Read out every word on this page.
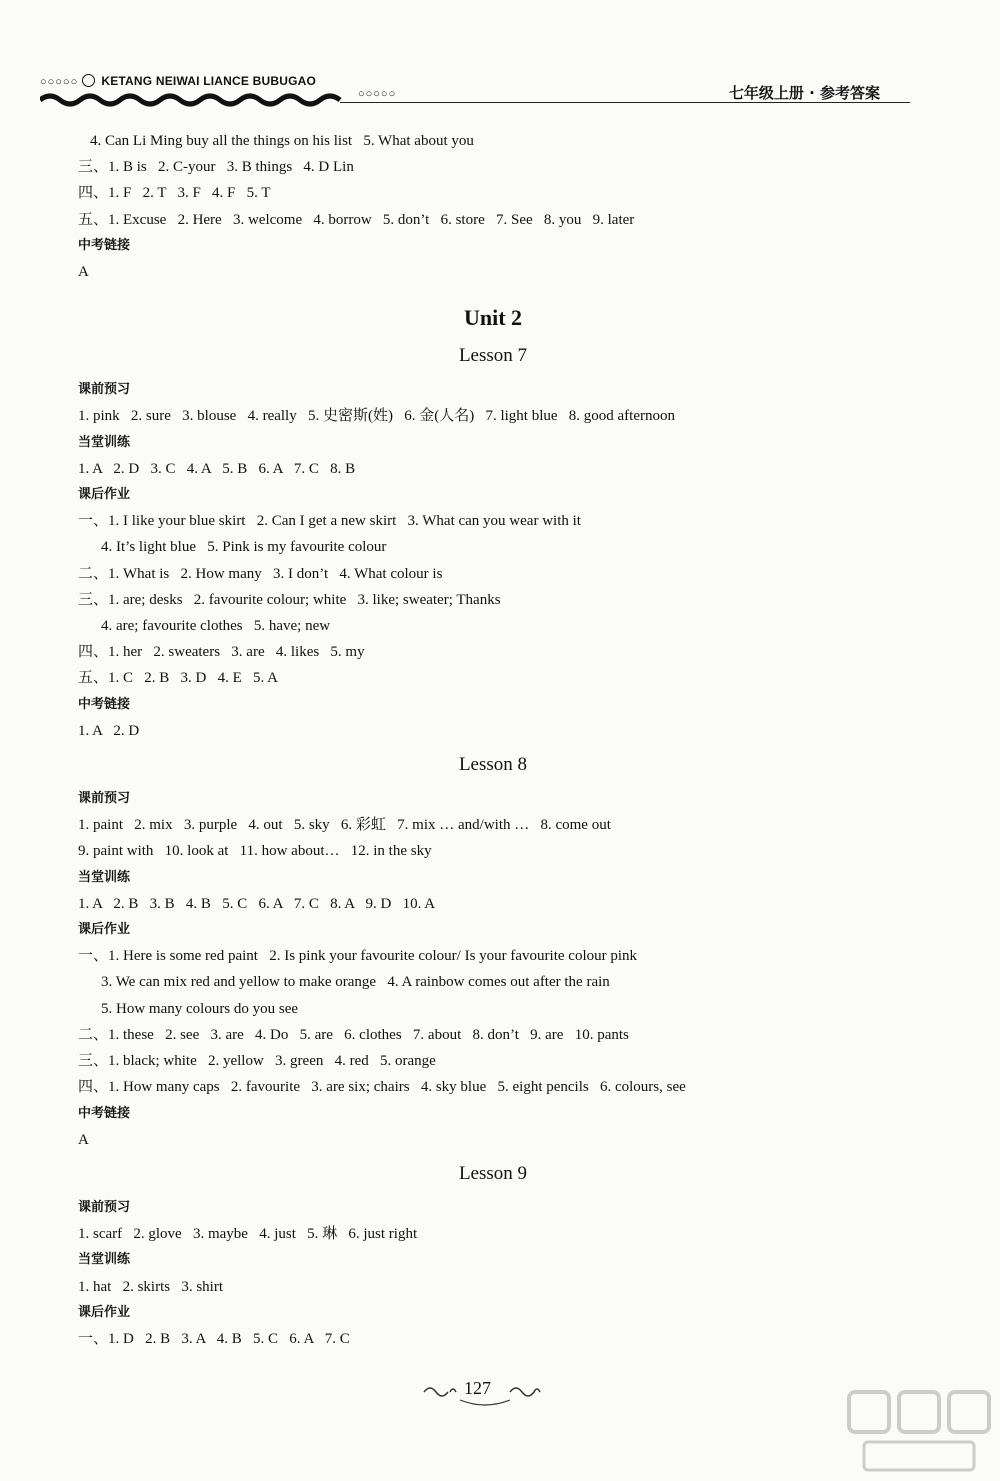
○○○○○ KETANG NEIWAI LIANCE BUBUGAO
○○○○○	七年级上册 · 参考答案
4. Can Li Ming buy all the things on his list   5. What about you
三、1. B is   2. C-your   3. B things   4. D Lin
四、1. F   2. T   3. F   4. F   5. T
五、1. Excuse   2. Here   3. welcome   4. borrow   5. don’t   6. store   7. See   8. you   9. later
中考链接
A
Unit 2
Lesson 7
课前预习
1. pink   2. sure   3. blouse   4. really   5. 史密斯(姓)   6. 金(人名)   7. light blue   8. good afternoon
当堂训练
1. A   2. D   3. C   4. A   5. B   6. A   7. C   8. B
课后作业
一、1. I like your blue skirt   2. Can I get a new skirt   3. What can you wear with it
4. It’s light blue   5. Pink is my favourite colour
二、1. What is   2. How many   3. I don’t   4. What colour is
三、1. are; desks   2. favourite colour; white   3. like; sweater; Thanks
4. are; favourite clothes   5. have; new
四、1. her   2. sweaters   3. are   4. likes   5. my
五、1. C   2. B   3. D   4. E   5. A
中考链接
1. A   2. D
Lesson 8
课前预习
1. paint   2. mix   3. purple   4. out   5. sky   6. 彩虹   7. mix … and/with …   8. come out
9. paint with   10. look at   11. how about…   12. in the sky
当堂训练
1. A   2. B   3. B   4. B   5. C   6. A   7. C   8. A   9. D   10. A
课后作业
一、1. Here is some red paint   2. Is pink your favourite colour/ Is your favourite colour pink
3. We can mix red and yellow to make orange   4. A rainbow comes out after the rain
5. How many colours do you see
二、1. these   2. see   3. are   4. Do   5. are   6. clothes   7. about   8. don’t   9. are   10. pants
三、1. black; white   2. yellow   3. green   4. red   5. orange
四、1. How many caps   2. favourite   3. are six; chairs   4. sky blue   5. eight pencils   6. colours, see
中考链接
A
Lesson 9
课前预习
1. scarf   2. glove   3. maybe   4. just   5. 琳   6. just right
当堂训练
1. hat   2. skirts   3. shirt
课后作业
一、1. D   2. B   3. A   4. B   5. C   6. A   7. C
127
